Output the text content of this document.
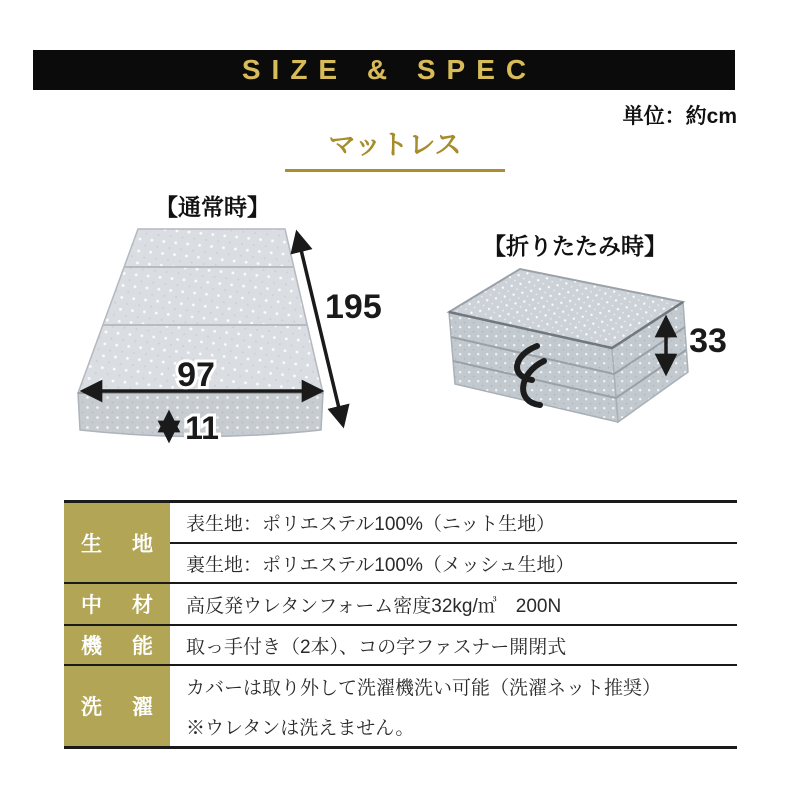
SIZE & SPEC
単位：約cm
マットレス
【通常時】
【折りたたみ時】
195
97
11
33
生 地
表生地：ポリエステル100%（ニット生地）
裏生地：ポリエステル100%（メッシュ生地）
中 材	高反発ウレタンフォーム密度32kg/㎥　200N
機 能	取っ手付き（2本）、コの字ファスナー開閉式
洗 濯
カバーは取り外して洗濯機洗い可能（洗濯ネット推奨）
※ウレタンは洗えません。
